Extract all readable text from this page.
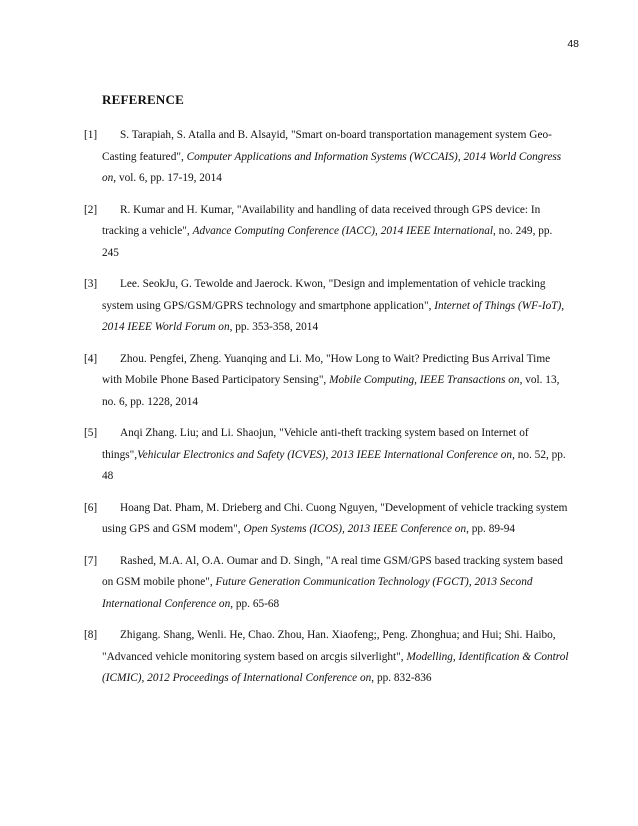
48
REFERENCE
[1]	S. Tarapiah, S. Atalla and B. Alsayid, "Smart on-board transportation management system Geo-Casting featured", Computer Applications and Information Systems (WCCAIS), 2014 World Congress on, vol. 6, pp. 17-19, 2014
[2]	R. Kumar and H. Kumar, "Availability and handling of data received through GPS device: In tracking a vehicle", Advance Computing Conference (IACC), 2014 IEEE International, no. 249, pp. 245
[3]	Lee. SeokJu, G. Tewolde and Jaerock. Kwon, "Design and implementation of vehicle tracking system using GPS/GSM/GPRS technology and smartphone application", Internet of Things (WF-IoT), 2014 IEEE World Forum on, pp. 353-358, 2014
[4]	Zhou. Pengfei, Zheng. Yuanqing and Li. Mo, "How Long to Wait? Predicting Bus Arrival Time with Mobile Phone Based Participatory Sensing", Mobile Computing, IEEE Transactions on, vol. 13, no. 6, pp. 1228, 2014
[5]	Anqi Zhang. Liu; and Li. Shaojun, "Vehicle anti-theft tracking system based on Internet of things",Vehicular Electronics and Safety (ICVES), 2013 IEEE International Conference on, no. 52, pp. 48
[6]	Hoang Dat. Pham, M. Drieberg and Chi. Cuong Nguyen, "Development of vehicle tracking system using GPS and GSM modem", Open Systems (ICOS), 2013 IEEE Conference on, pp. 89-94
[7]	Rashed, M.A. Al, O.A. Oumar and D. Singh, "A real time GSM/GPS based tracking system based on GSM mobile phone", Future Generation Communication Technology (FGCT), 2013 Second International Conference on, pp. 65-68
[8]	Zhigang. Shang, Wenli. He, Chao. Zhou, Han. Xiaofeng;, Peng. Zhonghua; and Hui; Shi. Haibo, "Advanced vehicle monitoring system based on arcgis silverlight", Modelling, Identification & Control (ICMIC), 2012 Proceedings of International Conference on, pp. 832-836
